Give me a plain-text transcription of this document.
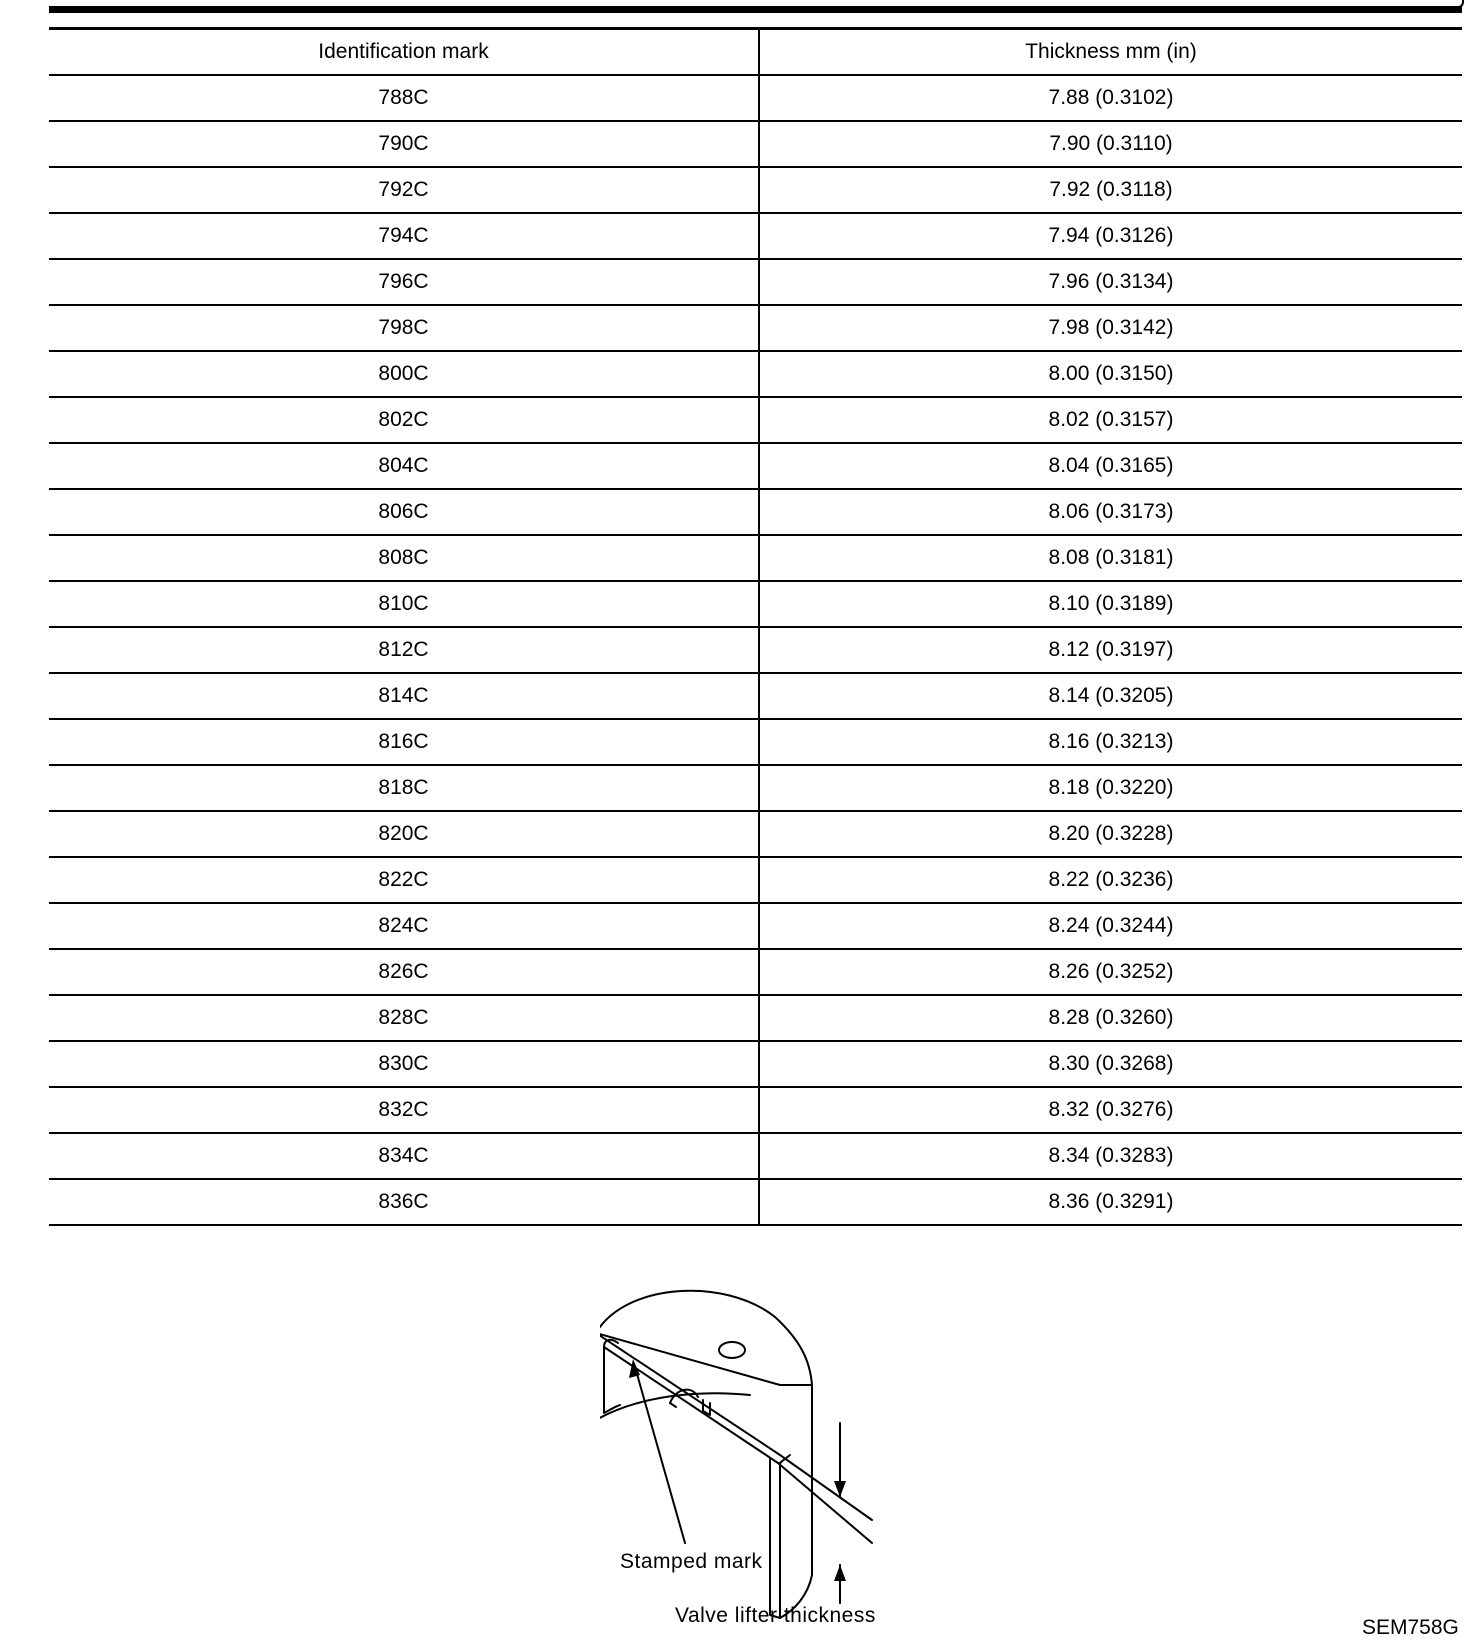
Identification mark	Thickness mm (in)
788C	7.88 (0.3102)
790C	7.90 (0.3110)
792C	7.92 (0.3118)
794C	7.94 (0.3126)
796C	7.96 (0.3134)
798C	7.98 (0.3142)
800C	8.00 (0.3150)
802C	8.02 (0.3157)
804C	8.04 (0.3165)
806C	8.06 (0.3173)
808C	8.08 (0.3181)
810C	8.10 (0.3189)
812C	8.12 (0.3197)
814C	8.14 (0.3205)
816C	8.16 (0.3213)
818C	8.18 (0.3220)
820C	8.20 (0.3228)
822C	8.22 (0.3236)
824C	8.24 (0.3244)
826C	8.26 (0.3252)
828C	8.28 (0.3260)
830C	8.30 (0.3268)
832C	8.32 (0.3276)
834C	8.34 (0.3283)
836C	8.36 (0.3291)
Stamped mark
Valve lifter thickness
SEM758G
